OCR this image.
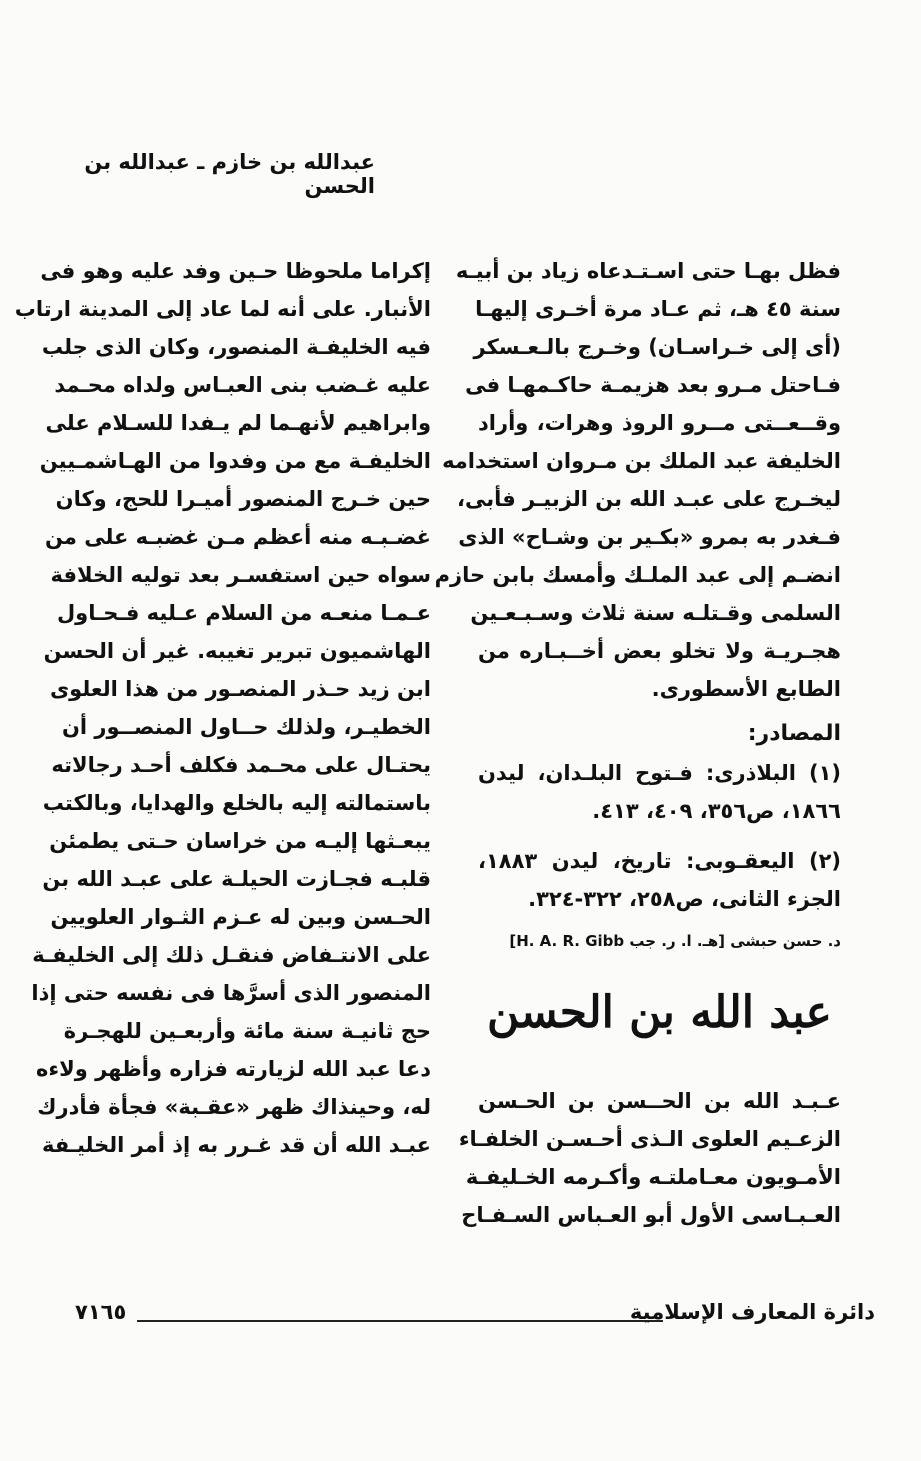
عبدالله بن خازم ـ عبدالله بن الحسن
فظل بهـا حتى اسـتـدعاه زياد بن أبيـه
سنة ٤٥ هـ، ثم عـاد مرة أخـرى إليهـا
(أى إلى خـراسـان) وخـرج بالـعـسكر
فـاحتل مـرو بعد هزيمـة حاكـمهـا فى
وقــعــتى مــرو الروذ وهرات، وأراد
الخليفة عبد الملك بن مـروان استخدامه
ليخـرج على عبـد الله بن الزبيـر فأبى،
فـغدر به بمرو «بكـير بن وشـاح» الذى
انضـم إلى عبد الملـك وأمسك بابن حازم
السلمى وقـتلـه سنة ثلاث وسـبـعـين
هجـريـة ولا تخلو بعض أخــبـاره من
الطابع الأسطورى.
المصادر:
(١) البلاذرى: فـتوح البلـدان، ليدن
١٨٦٦، ص٣٥٦، ٤٠٩، ٤١٣.
(٢) اليعقـوبى: تاريخ، ليدن ١٨٨٣،
الجزء الثانى، ص٢٥٨، ٣٢٢-٣٢٤.
د. حسن حبشى [هـ. ا. ر. جب H. A. R. Gibb]
عبد الله بن الحسن
عـبـد الله بن الحــسن بن الحـسن
الزعـيم العلوى الـذى أحـسـن الخلفـاء
الأمـويون معـاملتـه وأكـرمه الخـليفـة
العـبـاسى الأول أبو العـباس السـفـاح
إكراما ملحوظا حـين وفد عليه وهو فى
الأنبار. على أنه لما عاد إلى المدينة ارتاب
فيه الخليفـة المنصور، وكان الذى جلب
عليه غـضب بنى العبـاس ولداه محـمد
وابراهيم لأنهـما لم يـفدا للسـلام على
الخليفـة مع من وفدوا من الهـاشمـيين
حين خـرج المنصور أميـرا للحج، وكان
غضـبـه منه أعظم مـن غضبـه على من
سواه حين استفسـر بعد توليه الخلافة
عـمـا منعـه من السلام عـليه فـحـاول
الهاشميون تبرير تغيبه. غير أن الحسن
ابن زيد حـذر المنصـور من هذا العلوى
الخطيـر، ولذلك حــاول المنصــور أن
يحتـال على محـمد فكلف أحـد رجالاته
باستمالته إليه بالخلع والهدايا، وبالكتب
يبعـثها إليـه من خراسان حـتى يطمئن
قلبـه فجـازت الحيلـة على عبـد الله بن
الحـسن وبين له عـزم الثـوار العلويين
على الانتـفاض فنقـل ذلك إلى الخليفـة
المنصور الذى أسرَّها فى نفسه حتى إذا
حج ثانيـة سنة مائة وأربعـين للهجـرة
دعا عبد الله لزيارته فزاره وأظهر ولاءه
له، وحينذاك ظهر «عقـبة» فجأة فأدرك
عبـد الله أن قد غـرر به إذ أمر الخليـفة
دائرة المعارف الإسلامية
٧١٦٥
